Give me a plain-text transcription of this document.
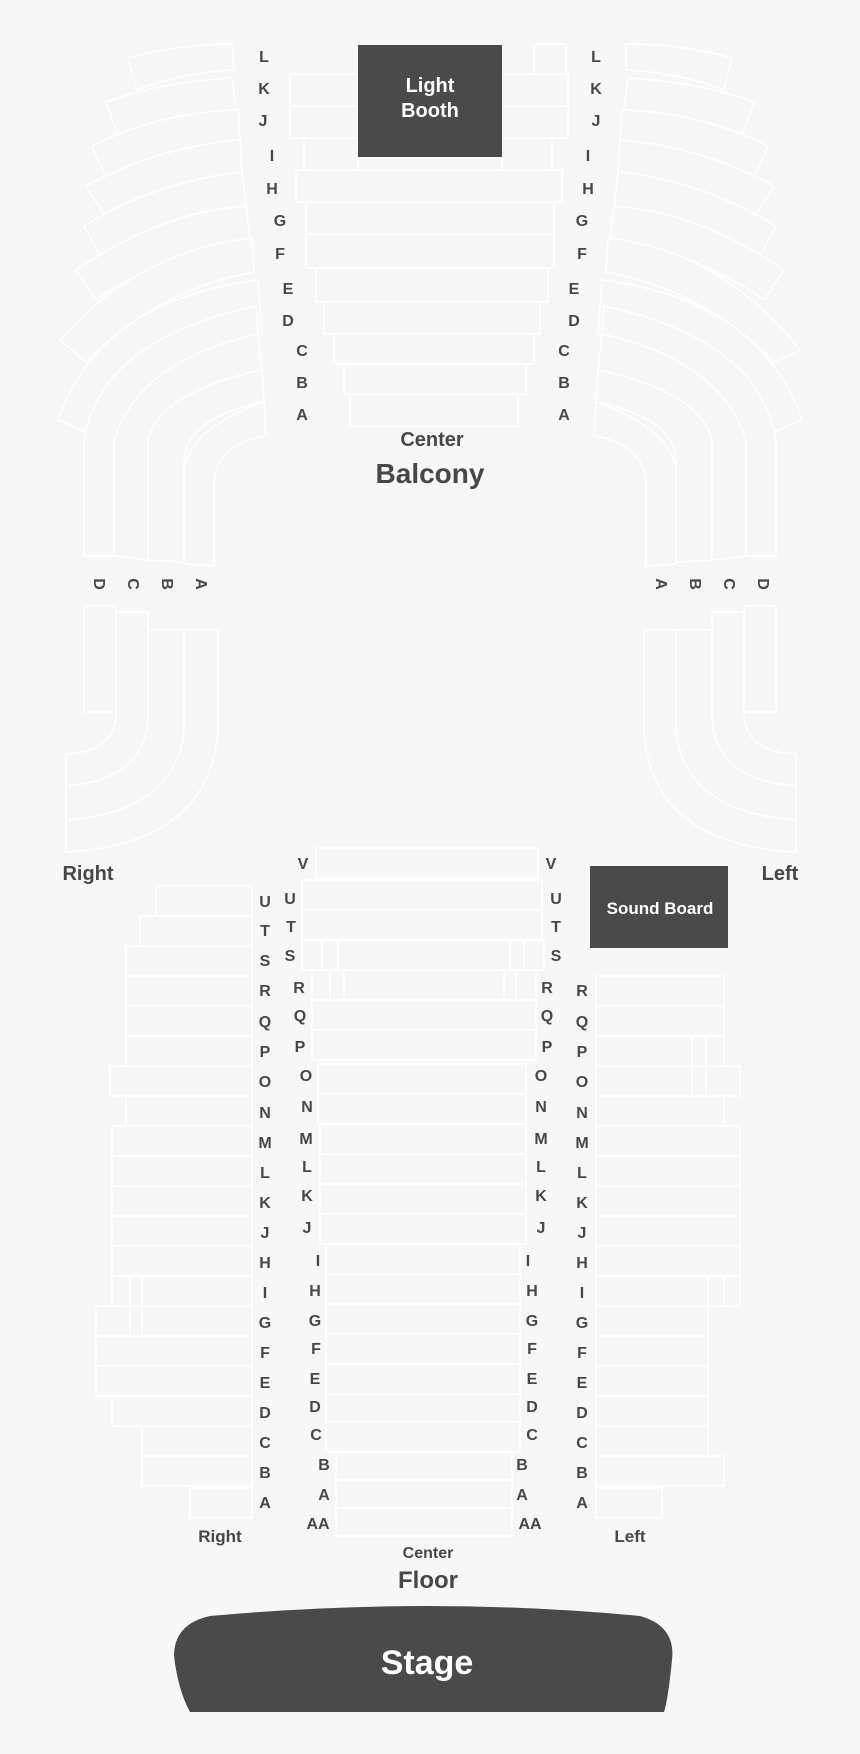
Light
Booth
Center
Balcony
L
K
J
I
H
G
F
E
D
C
B
A
L
K
J
I
H
G
F
E
D
C
B
A
D C B A	A B C D
Right	Left
Sound Board
U
T
S
R
Q
P
O
N
M
L
K
J
H
I
G
F
E
D
C
B
A
V
U
T
S
R
Q
P
O
N
M
L
K
J
I
H
G
F
E
D
C
B
A
AA
V
U
T
S
R
Q
P
O
N
M
L
K
J
I
H
G
F
E
D
C
B
A
AA
R
Q
P
O
N
M
L
K
J
H
I
G
F
E
D
C
B
A
Right	Left
Center
Floor
Stage
